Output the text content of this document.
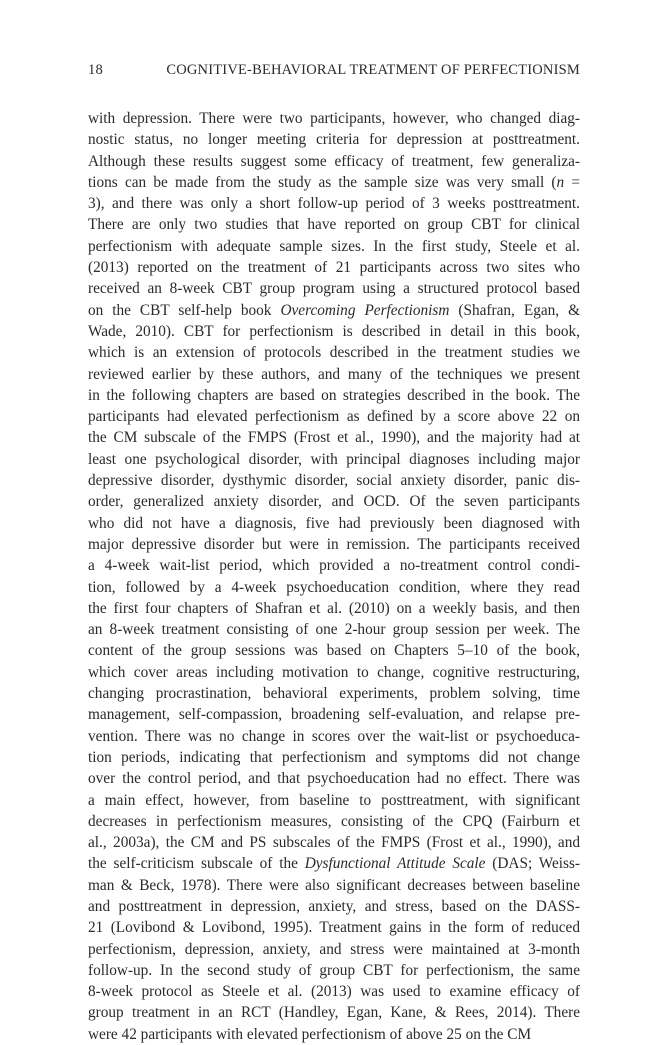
18	COGNITIVE-BEHAVIORAL TREATMENT OF PERFECTIONISM
with depression. There were two participants, however, who changed diag-
nostic status, no longer meeting criteria for depression at posttreatment.
Although these results suggest some efficacy of treatment, few generaliza-
tions can be made from the study as the sample size was very small (n =
3), and there was only a short follow-up period of 3 weeks posttreatment.
There are only two studies that have reported on group CBT for clinical
perfectionism with adequate sample sizes. In the first study, Steele et al.
(2013) reported on the treatment of 21 participants across two sites who
received an 8-week CBT group program using a structured protocol based
on the CBT self-help book Overcoming Perfectionism (Shafran, Egan, &
Wade, 2010). CBT for perfectionism is described in detail in this book,
which is an extension of protocols described in the treatment studies we
reviewed earlier by these authors, and many of the techniques we present
in the following chapters are based on strategies described in the book. The
participants had elevated perfectionism as defined by a score above 22 on
the CM subscale of the FMPS (Frost et al., 1990), and the majority had at
least one psychological disorder, with principal diagnoses including major
depressive disorder, dysthymic disorder, social anxiety disorder, panic dis-
order, generalized anxiety disorder, and OCD. Of the seven participants
who did not have a diagnosis, five had previously been diagnosed with
major depressive disorder but were in remission. The participants received
a 4-week wait-list period, which provided a no-treatment control condi-
tion, followed by a 4-week psychoeducation condition, where they read
the first four chapters of Shafran et al. (2010) on a weekly basis, and then
an 8-week treatment consisting of one 2-hour group session per week. The
content of the group sessions was based on Chapters 5–10 of the book,
which cover areas including motivation to change, cognitive restructuring,
changing procrastination, behavioral experiments, problem solving, time
management, self-compassion, broadening self-evaluation, and relapse pre-
vention. There was no change in scores over the wait-list or psychoeduca-
tion periods, indicating that perfectionism and symptoms did not change
over the control period, and that psychoeducation had no effect. There was
a main effect, however, from baseline to posttreatment, with significant
decreases in perfectionism measures, consisting of the CPQ (Fairburn et
al., 2003a), the CM and PS subscales of the FMPS (Frost et al., 1990), and
the self-criticism subscale of the Dysfunctional Attitude Scale (DAS; Weiss-
man & Beck, 1978). There were also significant decreases between baseline
and posttreatment in depression, anxiety, and stress, based on the DASS-
21 (Lovibond & Lovibond, 1995). Treatment gains in the form of reduced
perfectionism, depression, anxiety, and stress were maintained at 3-month
follow-up. In the second study of group CBT for perfectionism, the same
8-week protocol as Steele et al. (2013) was used to examine efficacy of
group treatment in an RCT (Handley, Egan, Kane, & Rees, 2014). There
were 42 participants with elevated perfectionism of above 25 on the CM
